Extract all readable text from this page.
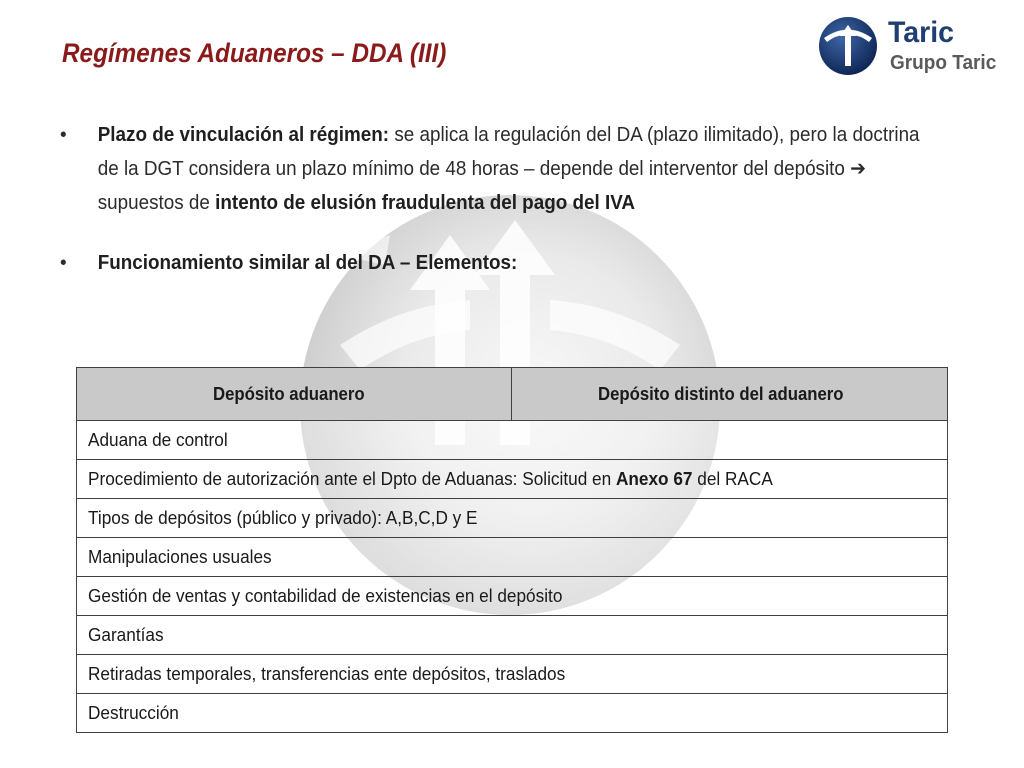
Regímenes Aduaneros – DDA (III)
Taric
Grupo Taric
• Plazo de vinculación al régimen: se aplica la regulación del DA (plazo ilimitado), pero la doctrina de la DGT considera un plazo mínimo de 48 horas – depende del interventor del depósito ➔ supuestos de intento de elusión fraudulenta del pago del IVA
• Funcionamiento similar al del DA – Elementos:
Depósito aduanero	Depósito distinto del aduanero
Aduana de control
Procedimiento de autorización ante el Dpto de Aduanas: Solicitud en Anexo 67 del RACA
Tipos de depósitos (público y privado): A,B,C,D y E
Manipulaciones usuales
Gestión de ventas y contabilidad de existencias en el depósito
Garantías
Retiradas temporales, transferencias ente depósitos, traslados
Destrucción
